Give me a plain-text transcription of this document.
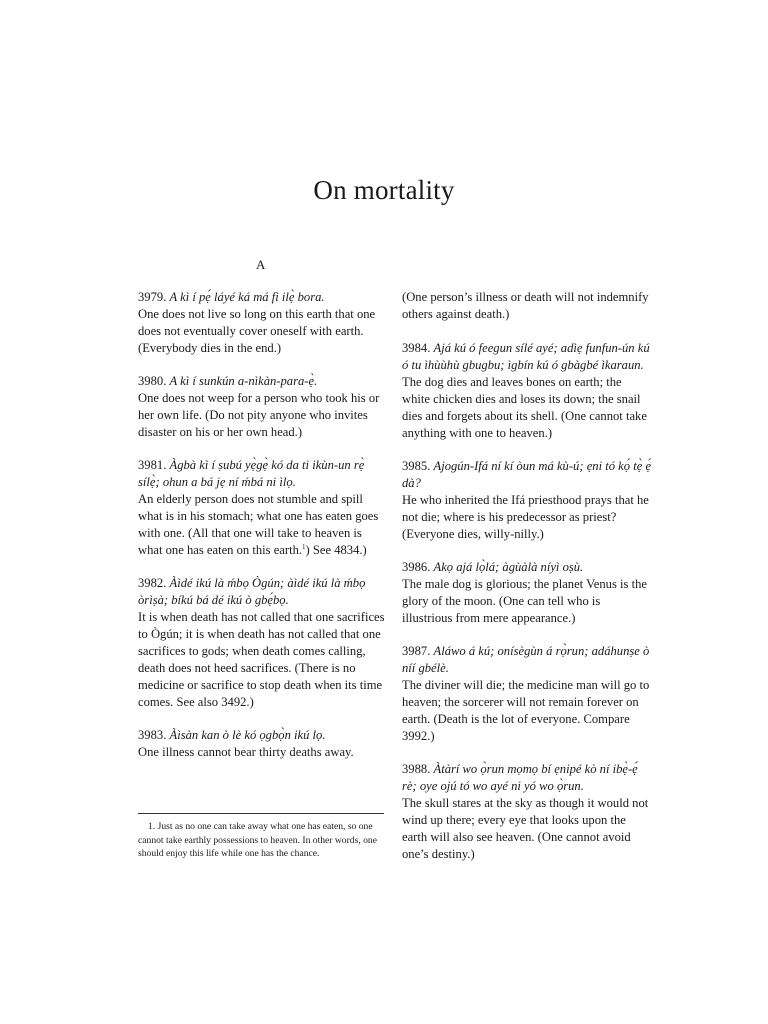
On mortality
A
3979. A kì í pẹ́ láyé ká má fi ilẹ̀ bora.
One does not live so long on this earth that one does not eventually cover oneself with earth. (Everybody dies in the end.)
3980. A kì í sunkún a-nìkàn-para-ẹ̀.
One does not weep for a person who took his or her own life. (Do not pity anyone who invites disaster on his or her own head.)
3981. Àgbà kì í ṣubú yẹ̀gẹ̀ kó da ti ikùn-un rẹ̀ sílẹ̀; ohun a bá jẹ ní ḿbá ni ìlọ.
An elderly person does not stumble and spill what is in his stomach; what one has eaten goes with one. (All that one will take to heaven is what one has eaten on this earth.$^1$) See 4834.)
3982. Àìdé ikú là ḿbọ Ògún; àìdé ikú là ḿbọ òrìṣà; bíkú bá dé ikú ò gbẹ́bọ.
It is when death has not called that one sacrifices to Ògún; it is when death has not called that one sacrifices to gods; when death comes calling, death does not heed sacrifices. (There is no medicine or sacrifice to stop death when its time comes. See also 3492.)
3983. Àìsàn kan ò lè kó ọgbọ̀n ikú lọ.
One illness cannot bear thirty deaths away.
1. Just as no one can take away what one has eaten, so one cannot take earthly possessions to heaven. In other words, one should enjoy this life while one has the chance.
(One person’s illness or death will not indemnify others against death.)
3984. Ajá kú ó feegun sílé ayé; adìẹ funfun-ún kú ó tu ìhùùhù gbugbu; ìgbín kú ó gbàgbé ìkaraun.
The dog dies and leaves bones on earth; the white chicken dies and loses its down; the snail dies and forgets about its shell. (One cannot take anything with one to heaven.)
3985. Ajogún-Ifá ní kí òun má kù-ú; ẹni tó kọ́ tẹ̀ ẹ́ dà?
He who inherited the Ifá priesthood prays that he not die; where is his predecessor as priest? (Everyone dies, willy-nilly.)
3986. Akọ ajá lọ̀lá; àgùàlà níyì oṣù.
The male dog is glorious; the planet Venus is the glory of the moon. (One can tell who is illustrious from mere appearance.)
3987. Aláwo á kú; onísègùn á rọ̀run; adáhunṣe ò níí gbélè.
The diviner will die; the medicine man will go to heaven; the sorcerer will not remain forever on earth. (Death is the lot of everyone. Compare 3992.)
3988. Àtàrí wo ọ̀run mọmọ bí ẹnipé kò ní ibẹ̀-ẹ́ rè; oye ojú tó wo ayé ni yó wo ọ̀run.
The skull stares at the sky as though it would not wind up there; every eye that looks upon the earth will also see heaven. (One cannot avoid one’s destiny.)
